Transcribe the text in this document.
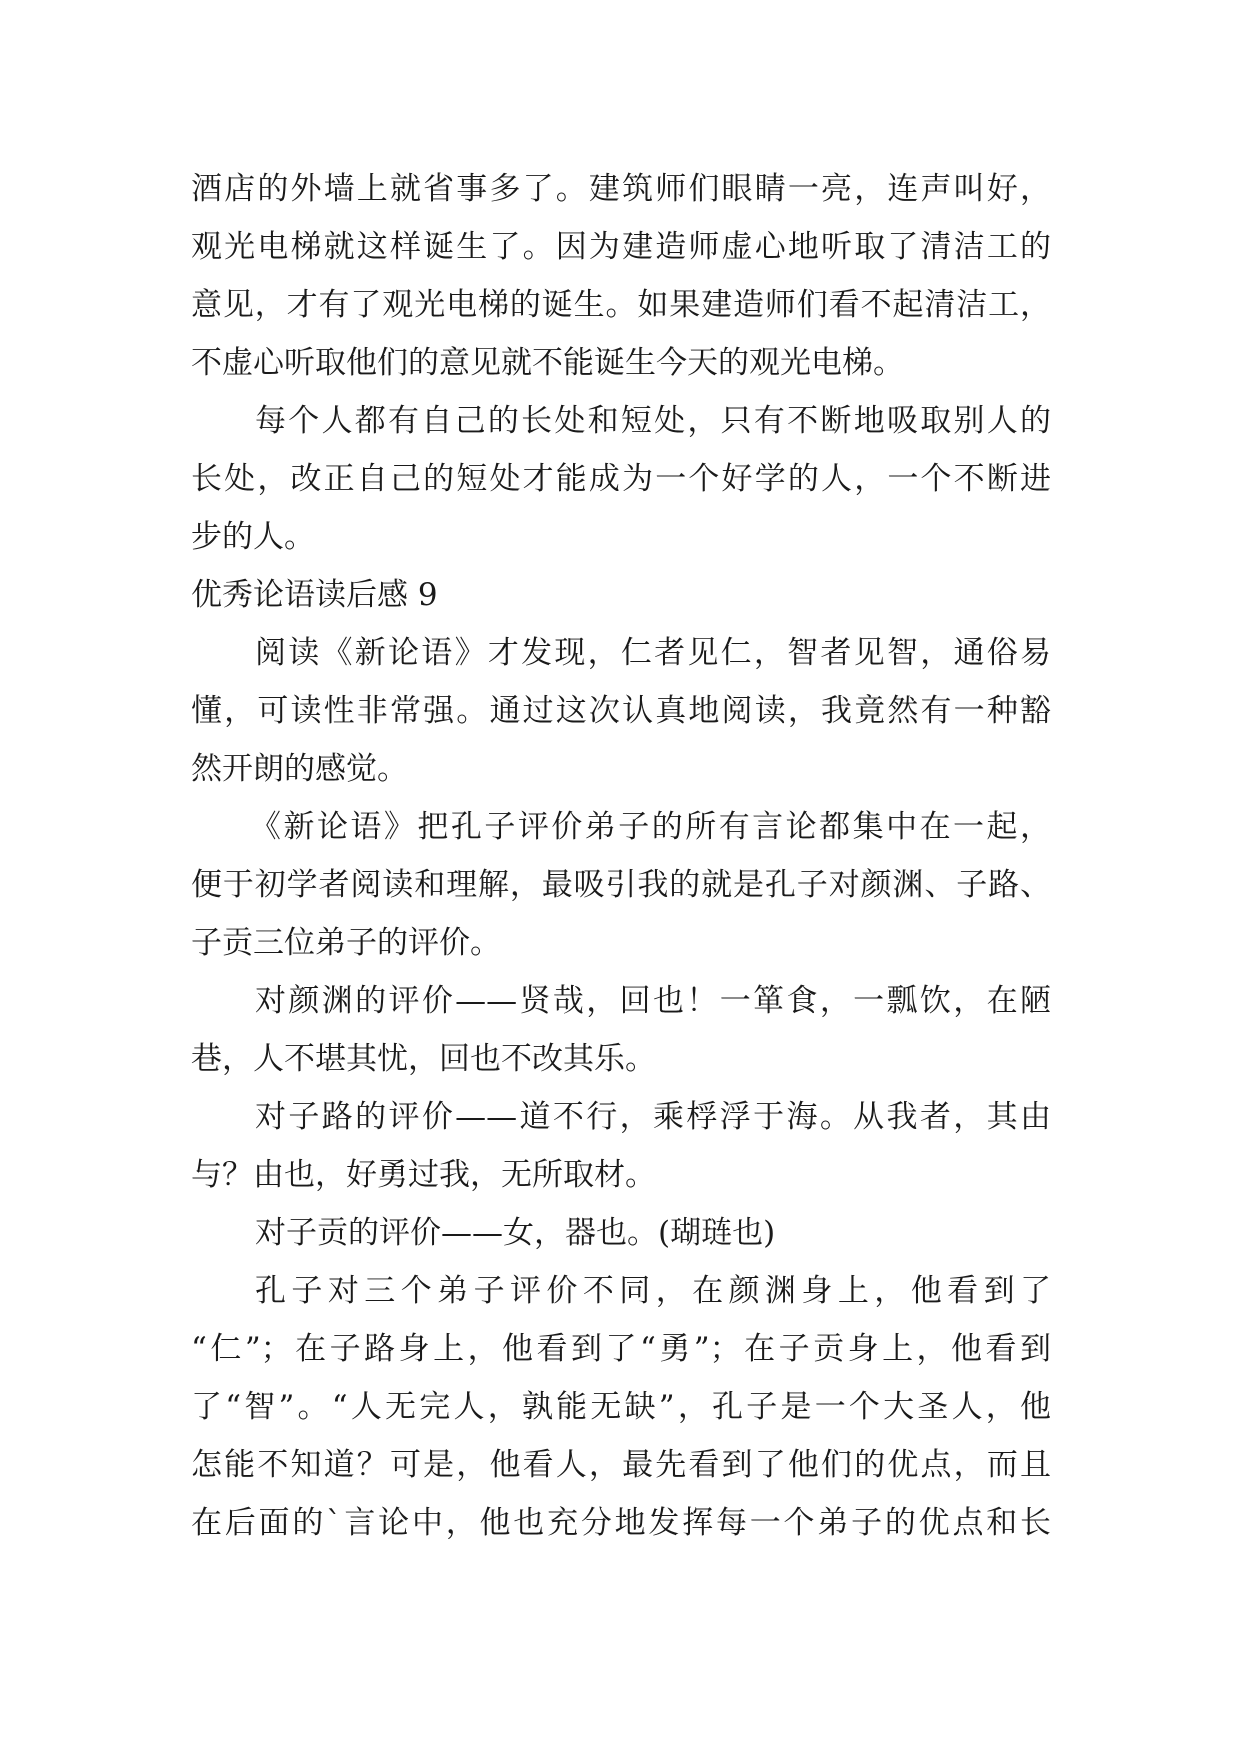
酒店的外墙上就省事多了。建筑师们眼睛一亮，连声叫好，

观光电梯就这样诞生了。因为建造师虚心地听取了清洁工的

意见，才有了观光电梯的诞生。如果建造师们看不起清洁工，

不虚心听取他们的意见就不能诞生今天的观光电梯。

每个人都有自己的长处和短处，只有不断地吸取别人的

长处，改正自己的短处才能成为一个好学的人，一个不断进

步的人。

优秀论语读后感 9

阅读《新论语》才发现，仁者见仁，智者见智，通俗易

懂，可读性非常强。通过这次认真地阅读，我竟然有一种豁

然开朗的感觉。

《新论语》把孔子评价弟子的所有言论都集中在一起，

便于初学者阅读和理解，最吸引我的就是孔子对颜渊、子路、

子贡三位弟子的评价。

对颜渊的评价——贤哉，回也！一箪食，一瓢饮，在陋

巷，人不堪其忧，回也不改其乐。

对子路的评价——道不行，乘桴浮于海。从我者，其由

与？由也，好勇过我，无所取材。

对子贡的评价——女，器也。(瑚琏也)

孔子对三个弟子评价不同，在颜渊身上，他看到了

“仁”；在子路身上，他看到了“勇”；在子贡身上，他看到

了“智”。“人无完人，孰能无缺”，孔子是一个大圣人，他

怎能不知道？可是，他看人，最先看到了他们的优点，而且

在后面的`言论中，他也充分地发挥每一个弟子的优点和长
